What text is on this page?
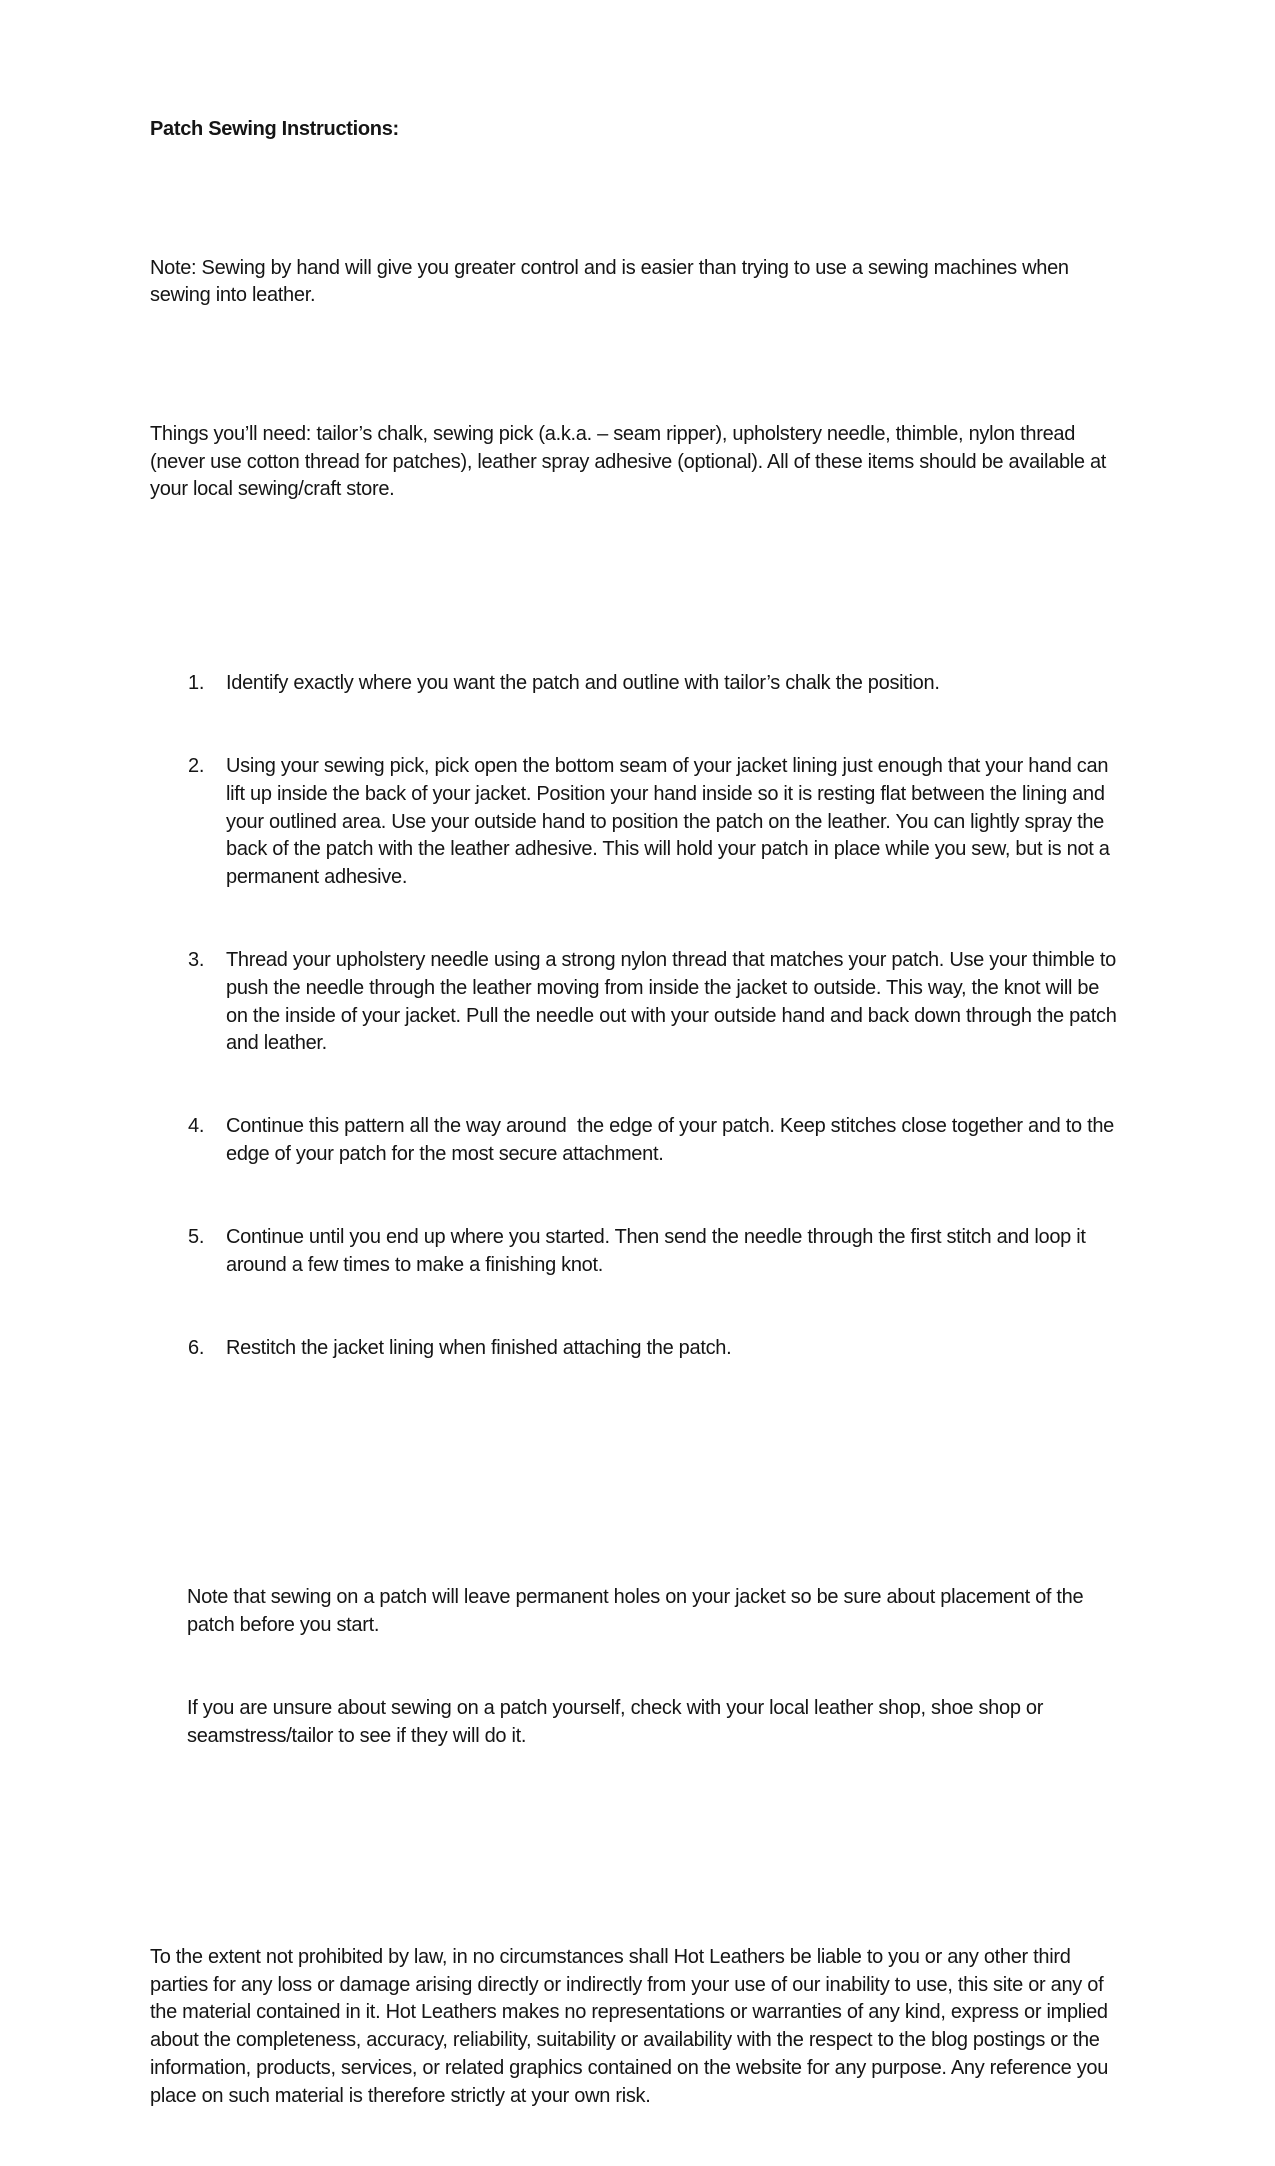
Patch Sewing Instructions:

Note: Sewing by hand will give you greater control and is easier than trying to use a sewing machines when sewing into leather.

Things you’ll need: tailor’s chalk, sewing pick (a.k.a. – seam ripper), upholstery needle, thimble, nylon thread (never use cotton thread for patches), leather spray adhesive (optional). All of these items should be available at your local sewing/craft store.

1.	Identify exactly where you want the patch and outline with tailor’s chalk the position.

2.	Using your sewing pick, pick open the bottom seam of your jacket lining just enough that your hand can lift up inside the back of your jacket. Position your hand inside so it is resting flat between the lining and your outlined area. Use your outside hand to position the patch on the leather. You can lightly spray the back of the patch with the leather adhesive. This will hold your patch in place while you sew, but is not a permanent adhesive.

3.	Thread your upholstery needle using a strong nylon thread that matches your patch. Use your thimble to push the needle through the leather moving from inside the jacket to outside. This way, the knot will be on the inside of your jacket. Pull the needle out with your outside hand and back down through the patch and leather.

4.	Continue this pattern all the way around  the edge of your patch. Keep stitches close together and to the edge of your patch for the most secure attachment.

5.	Continue until you end up where you started. Then send the needle through the first stitch and loop it around a few times to make a finishing knot.

6.	Restitch the jacket lining when finished attaching the patch.

Note that sewing on a patch will leave permanent holes on your jacket so be sure about placement of the patch before you start.

If you are unsure about sewing on a patch yourself, check with your local leather shop, shoe shop or seamstress/tailor to see if they will do it.

To the extent not prohibited by law, in no circumstances shall Hot Leathers be liable to you or any other third parties for any loss or damage arising directly or indirectly from your use of our inability to use, this site or any of the material contained in it. Hot Leathers makes no representations or warranties of any kind, express or implied about the completeness, accuracy, reliability, suitability or availability with the respect to the blog postings or the information, products, services, or related graphics contained on the website for any purpose. Any reference you place on such material is therefore strictly at your own risk.
